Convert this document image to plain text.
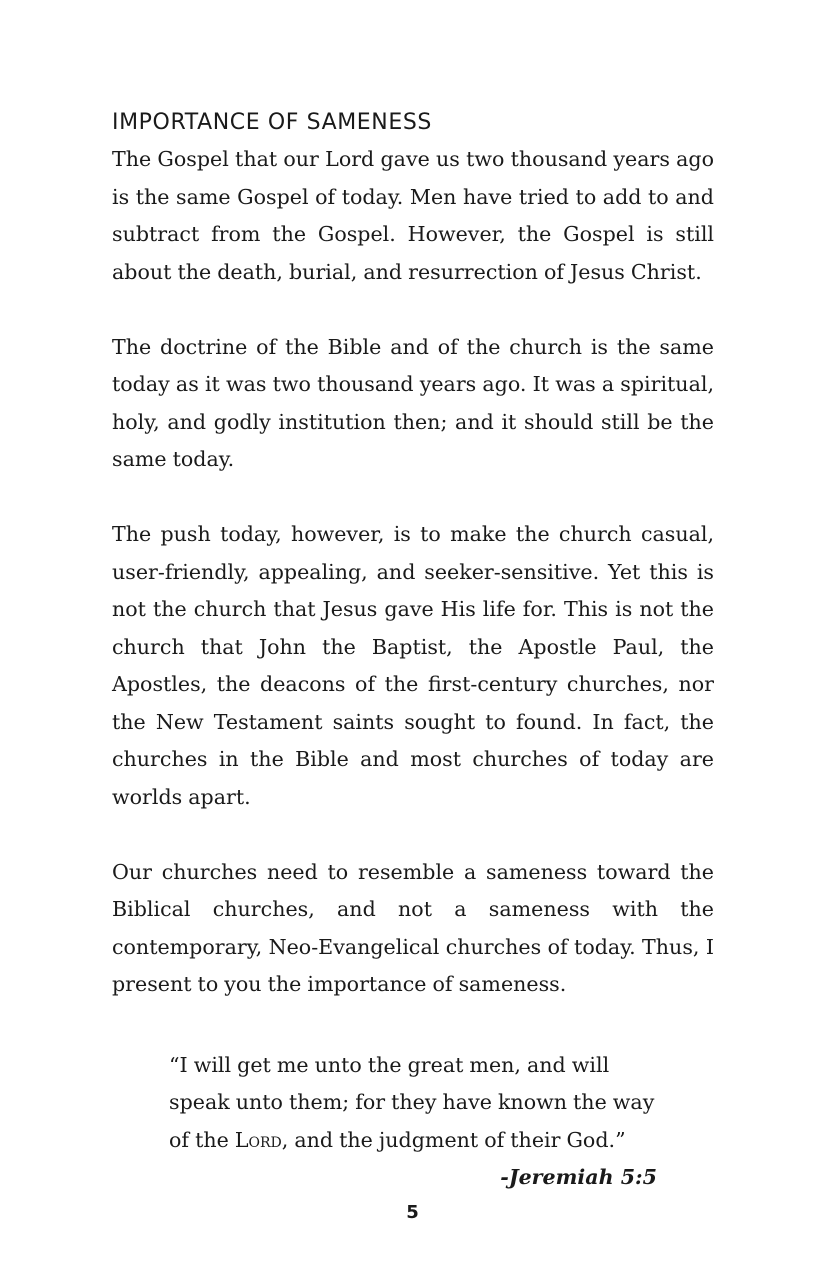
IMPORTANCE OF SAMENESS

The Gospel that our Lord gave us two thousand years ago is the same Gospel of today. Men have tried to add to and subtract from the Gospel. However, the Gospel is still about the death, burial, and resurrection of Jesus Christ.

The doctrine of the Bible and of the church is the same today as it was two thousand years ago. It was a spiritual, holy, and godly institution then; and it should still be the same today.

The push today, however, is to make the church casual, user-friendly, appealing, and seeker-sensitive. Yet this is not the church that Jesus gave His life for. This is not the church that John the Baptist, the Apostle Paul, the Apostles, the deacons of the first-century churches, nor the New Testament saints sought to found. In fact, the churches in the Bible and most churches of today are worlds apart.

Our churches need to resemble a sameness toward the Biblical churches, and not a sameness with the contemporary, Neo-Evangelical churches of today. Thus, I present to you the importance of sameness.

“I will get me unto the great men, and will speak unto them; for they have known the way of the Lord, and the judgment of their God.”

-Jeremiah 5:5

5
